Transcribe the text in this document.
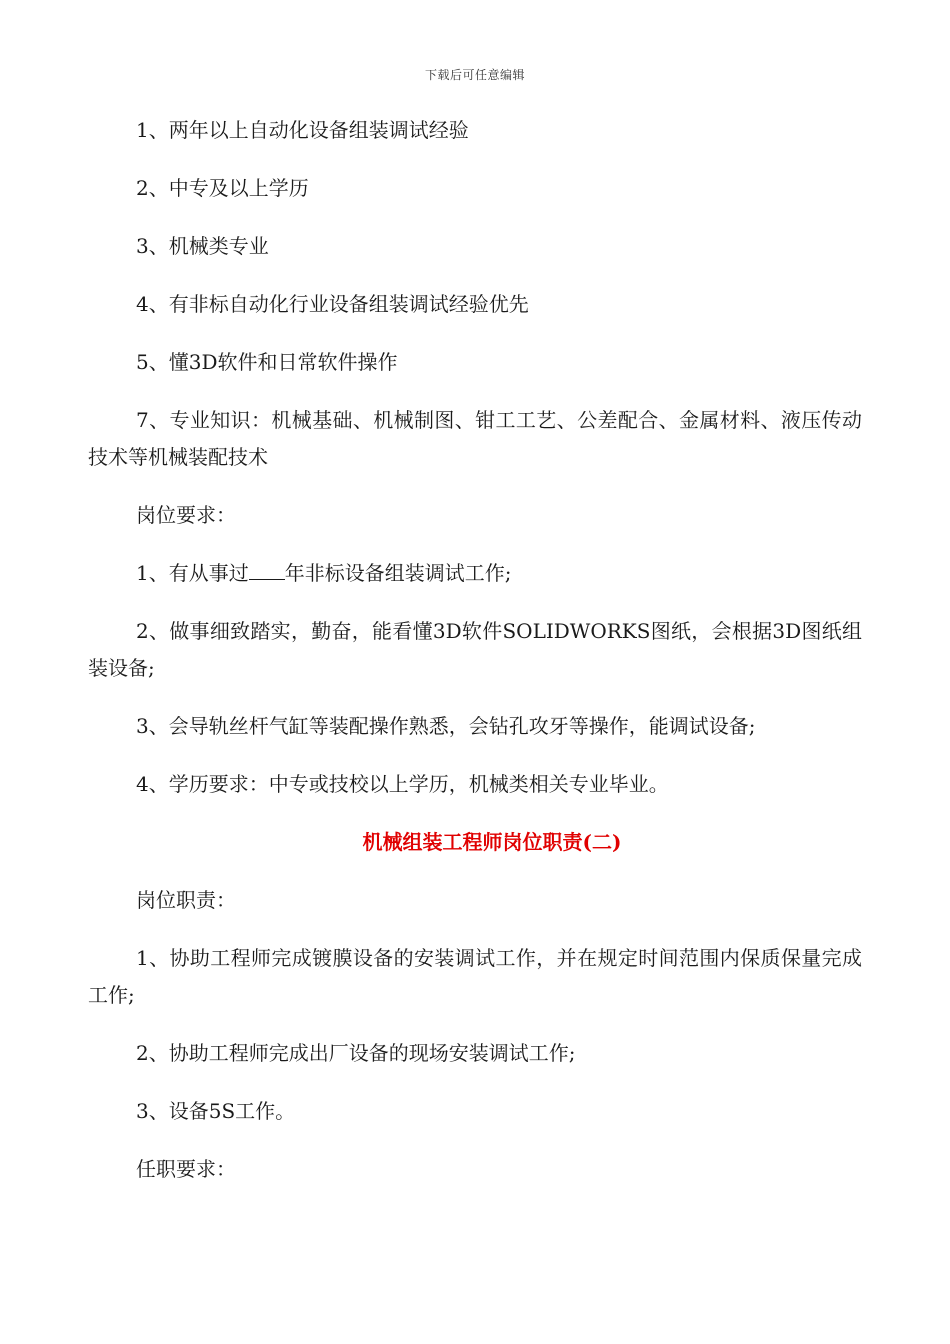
下载后可任意编辑

1、两年以上自动化设备组装调试经验

2、中专及以上学历

3、机械类专业

4、有非标自动化行业设备组装调试经验优先

5、懂3D软件和日常软件操作

7、专业知识：机械基础、机械制图、钳工工艺、公差配合、金属材料、液压传动技术等机械装配技术

岗位要求：

1、有从事过 年非标设备组装调试工作;

2、做事细致踏实，勤奋，能看懂3D软件SOLIDWORKS图纸，会根据3D图纸组装设备;

3、会导轨丝杆气缸等装配操作熟悉，会钻孔攻牙等操作，能调试设备;

4、学历要求：中专或技校以上学历，机械类相关专业毕业。

机械组装工程师岗位职责(二)

岗位职责：

1、协助工程师完成镀膜设备的安装调试工作，并在规定时间范围内保质保量完成工作;

2、协助工程师完成出厂设备的现场安装调试工作;

3、设备5S工作。

任职要求：
